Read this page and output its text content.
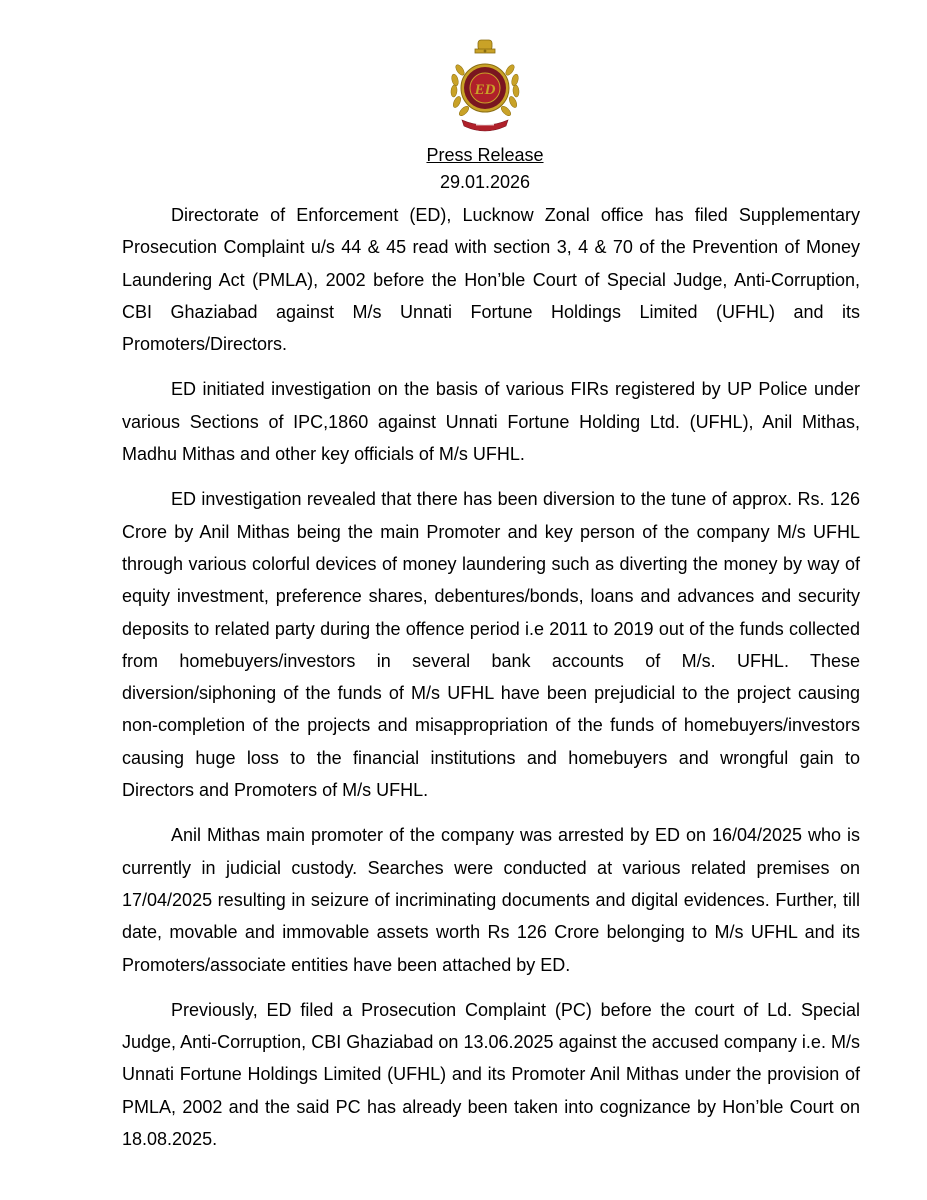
ED
Press Release
29.01.2026

Directorate of Enforcement (ED), Lucknow Zonal office has filed Supplementary Prosecution Complaint u/s 44 & 45 read with section 3, 4 & 70 of the Prevention of Money Laundering Act (PMLA), 2002 before the Hon’ble Court of Special Judge, Anti-Corruption, CBI Ghaziabad against M/s Unnati Fortune Holdings Limited (UFHL) and its Promoters/Directors.

ED initiated investigation on the basis of various FIRs registered by UP Police under various Sections of IPC,1860 against Unnati Fortune Holding Ltd. (UFHL), Anil Mithas, Madhu Mithas and other key officials of M/s UFHL.

ED investigation revealed that there has been diversion to the tune of approx. Rs. 126 Crore by Anil Mithas being the main Promoter and key person of the company M/s UFHL through various colorful devices of money laundering such as diverting the money by way of equity investment, preference shares, debentures/bonds, loans and advances and security deposits to related party during the offence period i.e 2011 to 2019 out of the funds collected from homebuyers/investors in several bank accounts of M/s. UFHL. These diversion/siphoning of the funds of M/s UFHL have been prejudicial to the project causing non-completion of the projects and misappropriation of the funds of homebuyers/investors causing huge loss to the financial institutions and homebuyers and wrongful gain to Directors and Promoters of M/s UFHL.

Anil Mithas main promoter of the company was arrested by ED on 16/04/2025 who is currently in judicial custody. Searches were conducted at various related premises on 17/04/2025 resulting in seizure of incriminating documents and digital evidences. Further, till date, movable and immovable assets worth Rs 126 Crore belonging to M/s UFHL and its Promoters/associate entities have been attached by ED.

Previously, ED filed a Prosecution Complaint (PC) before the court of Ld. Special Judge, Anti-Corruption, CBI Ghaziabad on 13.06.2025 against the accused company i.e. M/s Unnati Fortune Holdings Limited (UFHL) and its Promoter Anil Mithas under the provision of PMLA, 2002 and the said PC has already been taken into cognizance by Hon’ble Court on 18.08.2025.
